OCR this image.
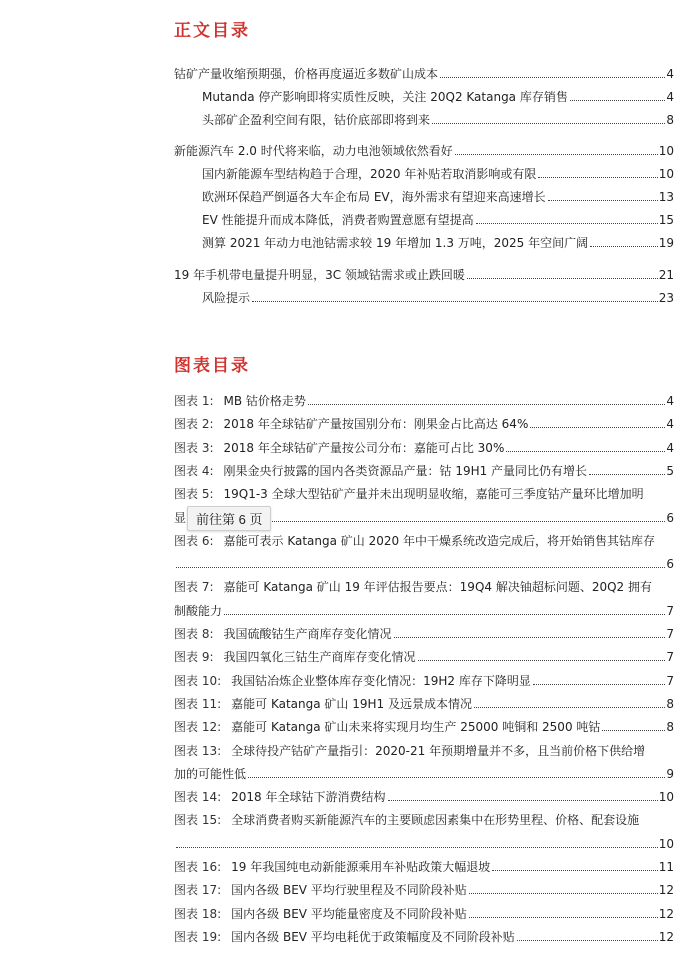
正文目录
钴矿产量收缩预期强，价格再度逼近多数矿山成本	4
Mutanda 停产影响即将实质性反映，关注 20Q2 Katanga 库存销售	4
头部矿企盈利空间有限，钴价底部即将到来	8
新能源汽车 2.0 时代将来临，动力电池领域依然看好	10
国内新能源车型结构趋于合理，2020 年补贴若取消影响或有限	10
欧洲环保趋严倒逼各大车企布局 EV，海外需求有望迎来高速增长	13
EV 性能提升而成本降低，消费者购置意愿有望提高	15
测算 2021 年动力电池钴需求较 19 年增加 1.3 万吨，2025 年空间广阔	19
19 年手机带电量提升明显，3C 领域钴需求或止跌回暖	21
风险提示	23
图表目录
图表 1: MB 钴价格走势	4
图表 2: 2018 年全球钴矿产量按国别分布：刚果金占比高达 64%	4
图表 3: 2018 年全球钴矿产量按公司分布：嘉能可占比 30%	4
图表 4: 刚果金央行披露的国内各类资源品产量：钴 19H1 产量同比仍有增长	5
图表 5: 19Q1-3 全球大型钴矿产量并未出现明显收缩，嘉能可三季度钴产量环比增加明
显	6
图表 6: 嘉能可表示 Katanga 矿山 2020 年中干燥系统改造完成后，将开始销售其钴库存
6
图表 7: 嘉能可 Katanga 矿山 19 年评估报告要点：19Q4 解决铀超标问题、20Q2 拥有
制酸能力	7
图表 8: 我国硫酸钴生产商库存变化情况	7
图表 9: 我国四氧化三钴生产商库存变化情况	7
图表 10: 我国钴冶炼企业整体库存变化情况：19H2 库存下降明显	7
图表 11: 嘉能可 Katanga 矿山 19H1 及远景成本情况	8
图表 12: 嘉能可 Katanga 矿山未来将实现月均生产 25000 吨铜和 2500 吨钴	8
图表 13: 全球待投产钴矿产量指引：2020-21 年预期增量并不多，且当前价格下供给增
加的可能性低	9
图表 14: 2018 年全球钴下游消费结构	10
图表 15: 全球消费者购买新能源汽车的主要顾虑因素集中在形势里程、价格、配套设施
10
图表 16: 19 年我国纯电动新能源乘用车补贴政策大幅退坡	11
图表 17: 国内各级 BEV 平均行驶里程及不同阶段补贴	12
图表 18: 国内各级 BEV 平均能量密度及不同阶段补贴	12
图表 19: 国内各级 BEV 平均电耗优于政策幅度及不同阶段补贴	12
前往第 6 页
